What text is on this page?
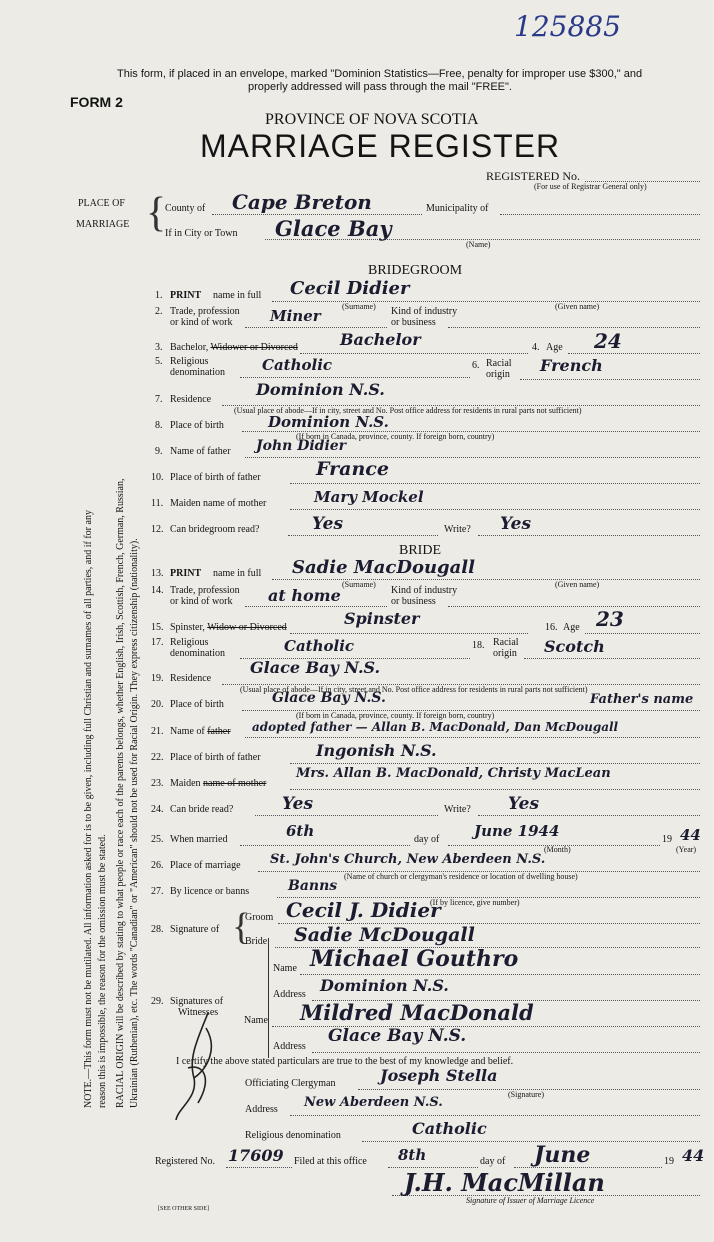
125885
This form, if placed in an envelope, marked "Dominion Statistics—Free, penalty for improper use $300," and
properly addressed will pass through the mail "FREE".
FORM 2
PROVINCE OF NOVA SCOTIA
MARRIAGE REGISTER
REGISTERED No.
(For use of Registrar General only)
PLACE OF
MARRIAGE {
County of Cape Breton	Municipality of
If in City or Town Glace Bay
(Name)
NOTE.—This form must not be mutilated. All information asked for is to be given, including full Christian and surnames of all parties, and if for any reason this is impossible, the reason for the omission must be stated. RACIAL ORIGIN will be described by stating to what people or race each of the parents belongs, whether English, Irish, Scottish, French, German, Russian, Ukrainian (Ruthenian), etc. The words "Canadian" or "American" should not be used for Racial Origin. They express citizenship (nationality).
BRIDEGROOM
1. PRINT name in full Cecil Didier
(Surname)	(Given name)
2. Trade, profession
or kind of work	Miner	Kind of industry
or business
3. Bachelor, Widower or Divorced	Bachelor	4. Age 24
5. Religious
denomination Catholic	6. Racial
origin French
7. Residence
Dominion N.S.
(Usual place of abode—If in city, street and No. Post office address for residents in rural parts not sufficient)
8. Place of birth	Dominion N.S.
(If born in Canada, province, county. If foreign born, country)
9. Name of father John Didier
10. Place of birth of father	France
11. Maiden name of mother	Mary Mockel
12. Can bridegroom read?	Yes	Write? Yes
BRIDE
13. PRINT name in full Sadie MacDougall
(Surname)	(Given name)
14. Trade, profession
or kind of work at home	Kind of industry
or business
15. Spinster, Widow or Divorced	Spinster	16. Age 23
17. Religious
denomination	Catholic	18. Racial
origin Scotch
19. Residence
Glace Bay N.S.
(Usual place of abode—If in city, street and No. Post office address for residents in rural parts not sufficient)
20. Place of birth	Glace Bay N.S.	Father's name
(If born in Canada, province, county. If foreign born, country)
21. Name of father adopted father — Allan B. MacDonald, Dan McDougall
22. Place of birth of father	Ingonish N.S.
23. Maiden name of mother
Mrs. Allan B. MacDonald, Christy MacLean
24. Can bride read?	Yes	Write? Yes
25. When married	6th	day of June 1944	19 44
(Month)	(Year)
26. Place of marriage St. John's Church, New Aberdeen N.S.
(Name of church or clergyman's residence or location of dwelling house)
27. By licence or banns	Banns
(If by licence, give number)
28. Signature of {
Groom Cecil J. Didier
Bride Sadie McDougall
29. Signatures of
Witnesses
Name Michael Gouthro
Address Dominion N.S.
Name Mildred MacDonald
Address
Glace Bay N.S.
I certify the above stated particulars are true to the best of my knowledge and belief.
Officiating Clergyman	Joseph Stella
(Signature)
Address New Aberdeen N.S.
Religious denomination	Catholic
Registered No. 17609 Filed at this office 8th	day of June	19 44
J.H. MacMillan
Signature of Issuer of Marriage Licence
[SEE OTHER SIDE]
